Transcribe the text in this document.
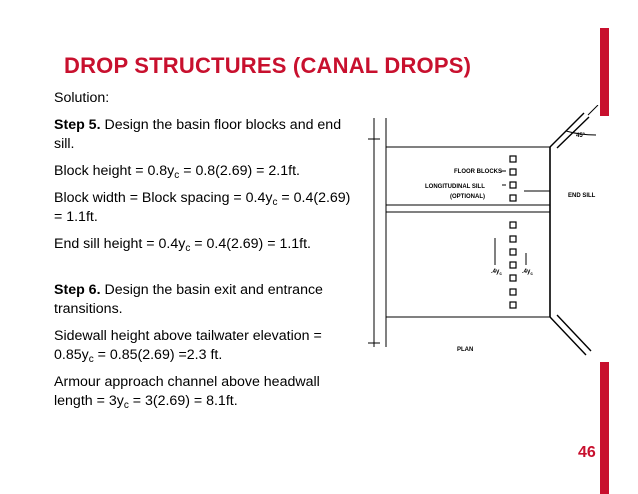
DROP STRUCTURES (CANAL DROPS)

Solution:

Step 5. Design the basin floor blocks and end sill.

Block height = $0.8y_c = 0.8(2.69) = 2.1ft$.

Block width = Block spacing = $0.4y_c = 0.4(2.69) = 1.1ft$.

End sill height = $0.4y_c = 0.4(2.69) = 1.1ft$.

Step 6. Design the basin exit and entrance transitions.

Sidewall height above tailwater elevation = $0.85y_c = 0.85(2.69) =2.3$ ft.

Armour approach channel above headwall length = $3y_c = 3(2.69) = 8.1ft$.

45°
FLOOR BLOCKS
LONGITUDINAL SILL
(OPTIONAL)	END SILL
$.4y_c$	$.4y_c$
PLAN
46
